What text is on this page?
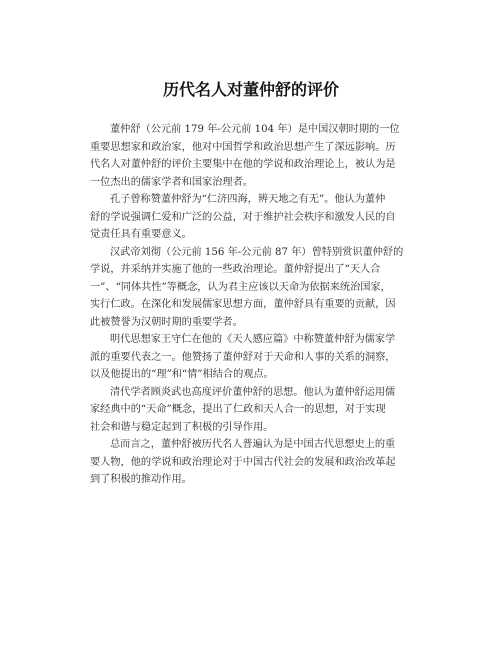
历代名人对董仲舒的评价
董仲舒（公元前 179 年-公元前 104 年）是中国汉朝时期的一位
重要思想家和政治家，他对中国哲学和政治思想产生了深远影响。历
代名人对董仲舒的评价主要集中在他的学说和政治理论上，被认为是
一位杰出的儒家学者和国家治理者。
孔子曾称赞董仲舒为“仁济四海，辨天地之有无”。他认为董仲
舒的学说强调仁爱和广泛的公益，对于维护社会秩序和激发人民的自
觉责任具有重要意义。
汉武帝刘彻（公元前 156 年-公元前 87 年）曾特别赏识董仲舒的
学说，并采纳并实施了他的一些政治理论。董仲舒提出了“天人合
一”、“同体共性”等概念，认为君主应该以天命为依据来统治国家，
实行仁政。在深化和发展儒家思想方面，董仲舒具有重要的贡献，因
此被赞誉为汉朝时期的重要学者。
明代思想家王守仁在他的《天人感应篇》中称赞董仲舒为儒家学
派的重要代表之一。他赞扬了董仲舒对于天命和人事的关系的洞察，
以及他提出的“理”和“情”相结合的观点。
清代学者顾炎武也高度评价董仲舒的思想。他认为董仲舒运用儒
家经典中的“天命”概念，提出了仁政和天人合一的思想，对于实现
社会和谐与稳定起到了积极的引导作用。
总而言之，董仲舒被历代名人普遍认为是中国古代思想史上的重
要人物，他的学说和政治理论对于中国古代社会的发展和政治改革起
到了积极的推动作用。
